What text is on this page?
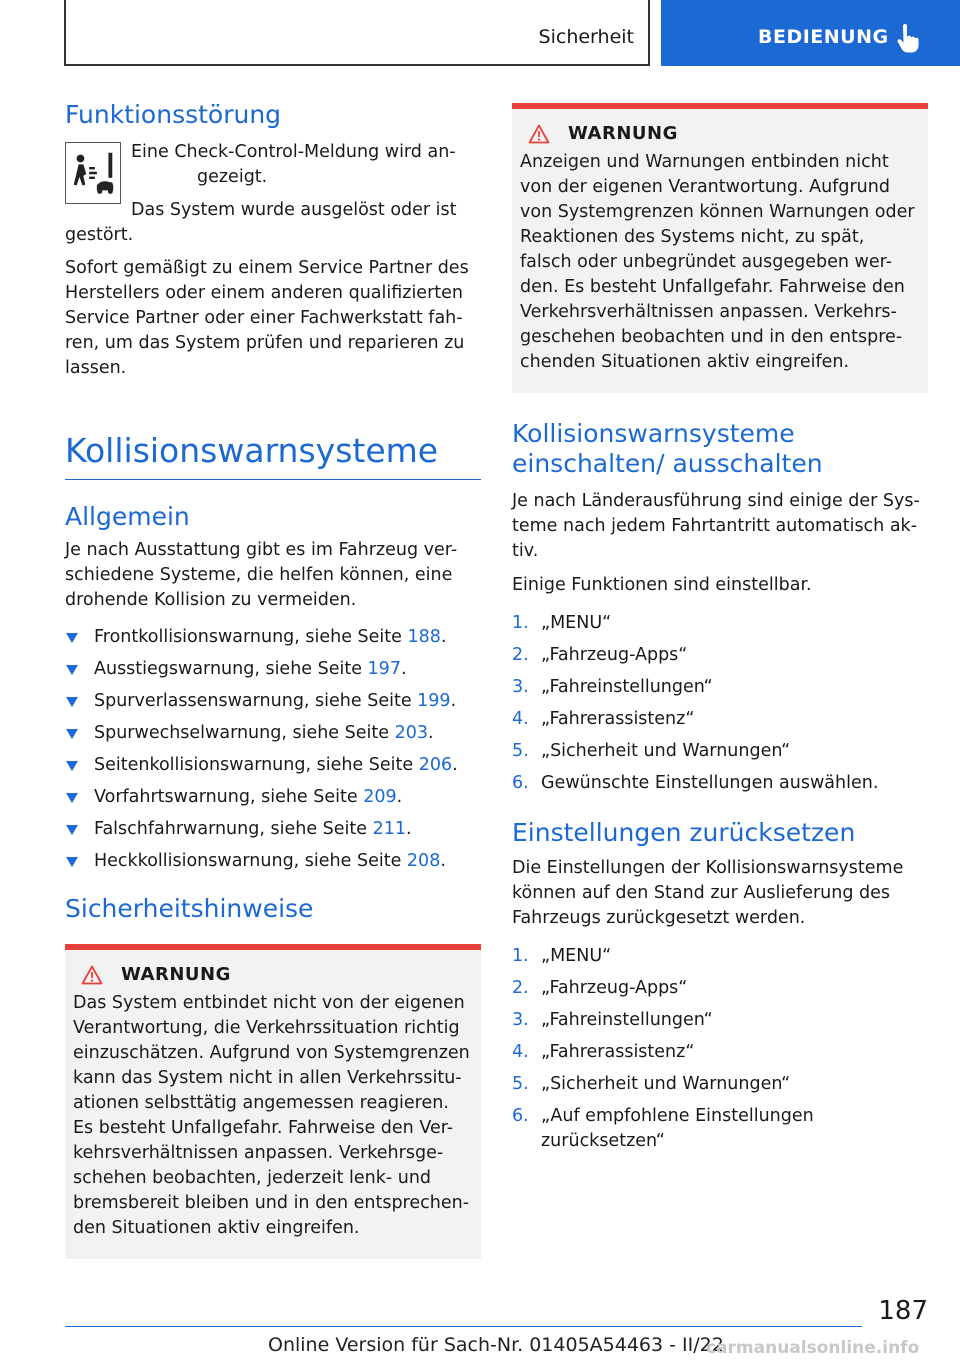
Sicherheit	BEDIENUNG
Funktionsstörung

Eine Check-Control-Meldung wird an-gezeigt.

Das System wurde ausgelöst oder ist gestört.

Sofort gemäßigt zu einem Service Partner des Herstellers oder einem anderen qualifizierten Service Partner oder einer Fachwerkstatt fah-ren, um das System prüfen und reparieren zu lassen.

Kollisionswarnsysteme
Allgemein

Je nach Ausstattung gibt es im Fahrzeug ver-schiedene Systeme, die helfen können, eine drohende Kollision zu vermeiden.

Frontkollisionswarnung, siehe Seite 188.
Ausstiegswarnung, siehe Seite 197.
Spurverlassenswarnung, siehe Seite 199.
Spurwechselwarnung, siehe Seite 203.
Seitenkollisionswarnung, siehe Seite 206.
Vorfahrtswarnung, siehe Seite 209.
Falschfahrwarnung, siehe Seite 211.
Heckkollisionswarnung, siehe Seite 208.
Sicherheitshinweise
WARNUNG

Das System entbindet nicht von der eigenen Verantwortung, die Verkehrssituation richtig einzuschätzen. Aufgrund von Systemgrenzen kann das System nicht in allen Verkehrssitu-ationen selbsttätig angemessen reagieren. Es besteht Unfallgefahr. Fahrweise den Ver-kehrsverhältnissen anpassen. Verkehrsge-schehen beobachten, jederzeit lenk- und bremsbereit bleiben und in den entsprechen-den Situationen aktiv eingreifen.

WARNUNG

Anzeigen und Warnungen entbinden nicht von der eigenen Verantwortung. Aufgrund von Systemgrenzen können Warnungen oder Reaktionen des Systems nicht, zu spät, falsch oder unbegründet ausgegeben wer-den. Es besteht Unfallgefahr. Fahrweise den Verkehrsverhältnissen anpassen. Verkehrs-geschehen beobachten und in den entspre-chenden Situationen aktiv eingreifen.

Kollisionswarnsysteme einschalten/ ausschalten

Je nach Länderausführung sind einige der Sys-teme nach jedem Fahrtantritt automatisch ak-tiv.

Einige Funktionen sind einstellbar.

1. „MENU“
2. „Fahrzeug-Apps“
3. „Fahreinstellungen“
4. „Fahrerassistenz“
5. „Sicherheit und Warnungen“
6. Gewünschte Einstellungen auswählen.
Einstellungen zurücksetzen

Die Einstellungen der Kollisionswarnsysteme können auf den Stand zur Auslieferung des Fahrzeugs zurückgesetzt werden.

1. „MENU“
2. „Fahrzeug-Apps“
3. „Fahreinstellungen“
4. „Fahrerassistenz“
5. „Sicherheit und Warnungen“
6. „Auf empfohlene Einstellungen zurücksetzen“
187
Online Version für Sach-Nr. 01405A54463 - II/22
carmanualsonline.info
